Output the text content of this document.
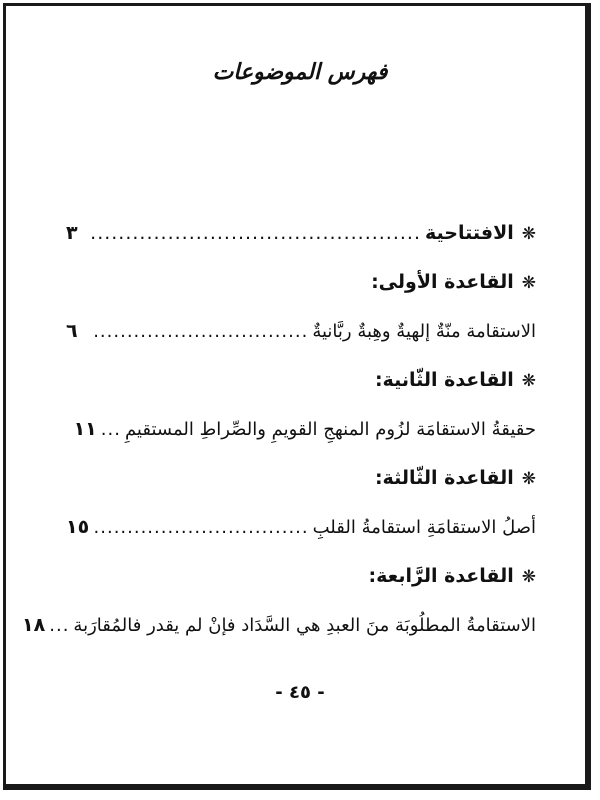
فهرس الموضوعات
❋
الافتتاحية
.....
٣
❋
القاعدة الأولى:
الاستقامة منّةٌ إلهيةٌ وهِبةٌ ربَّانيةٌ
.....
٦
❋
القاعدة الثّانية:
حقيقةُ الاستقامَة لزُوم المنهجِ القويمِ والصِّراطِ المستقيمِ
...
١١
❋
القاعدة الثّالثة:
أصلُ الاستقامَةِ استقامةُ القلبِ
.....
١٥
❋
القاعدة الرَّابعة:
الاستقامةُ المطلُوبَة منَ العبدِ هي السَّدَاد فإنْ لم يقدر فالمُقارَبة
...
١٨
- ٤٥ -
